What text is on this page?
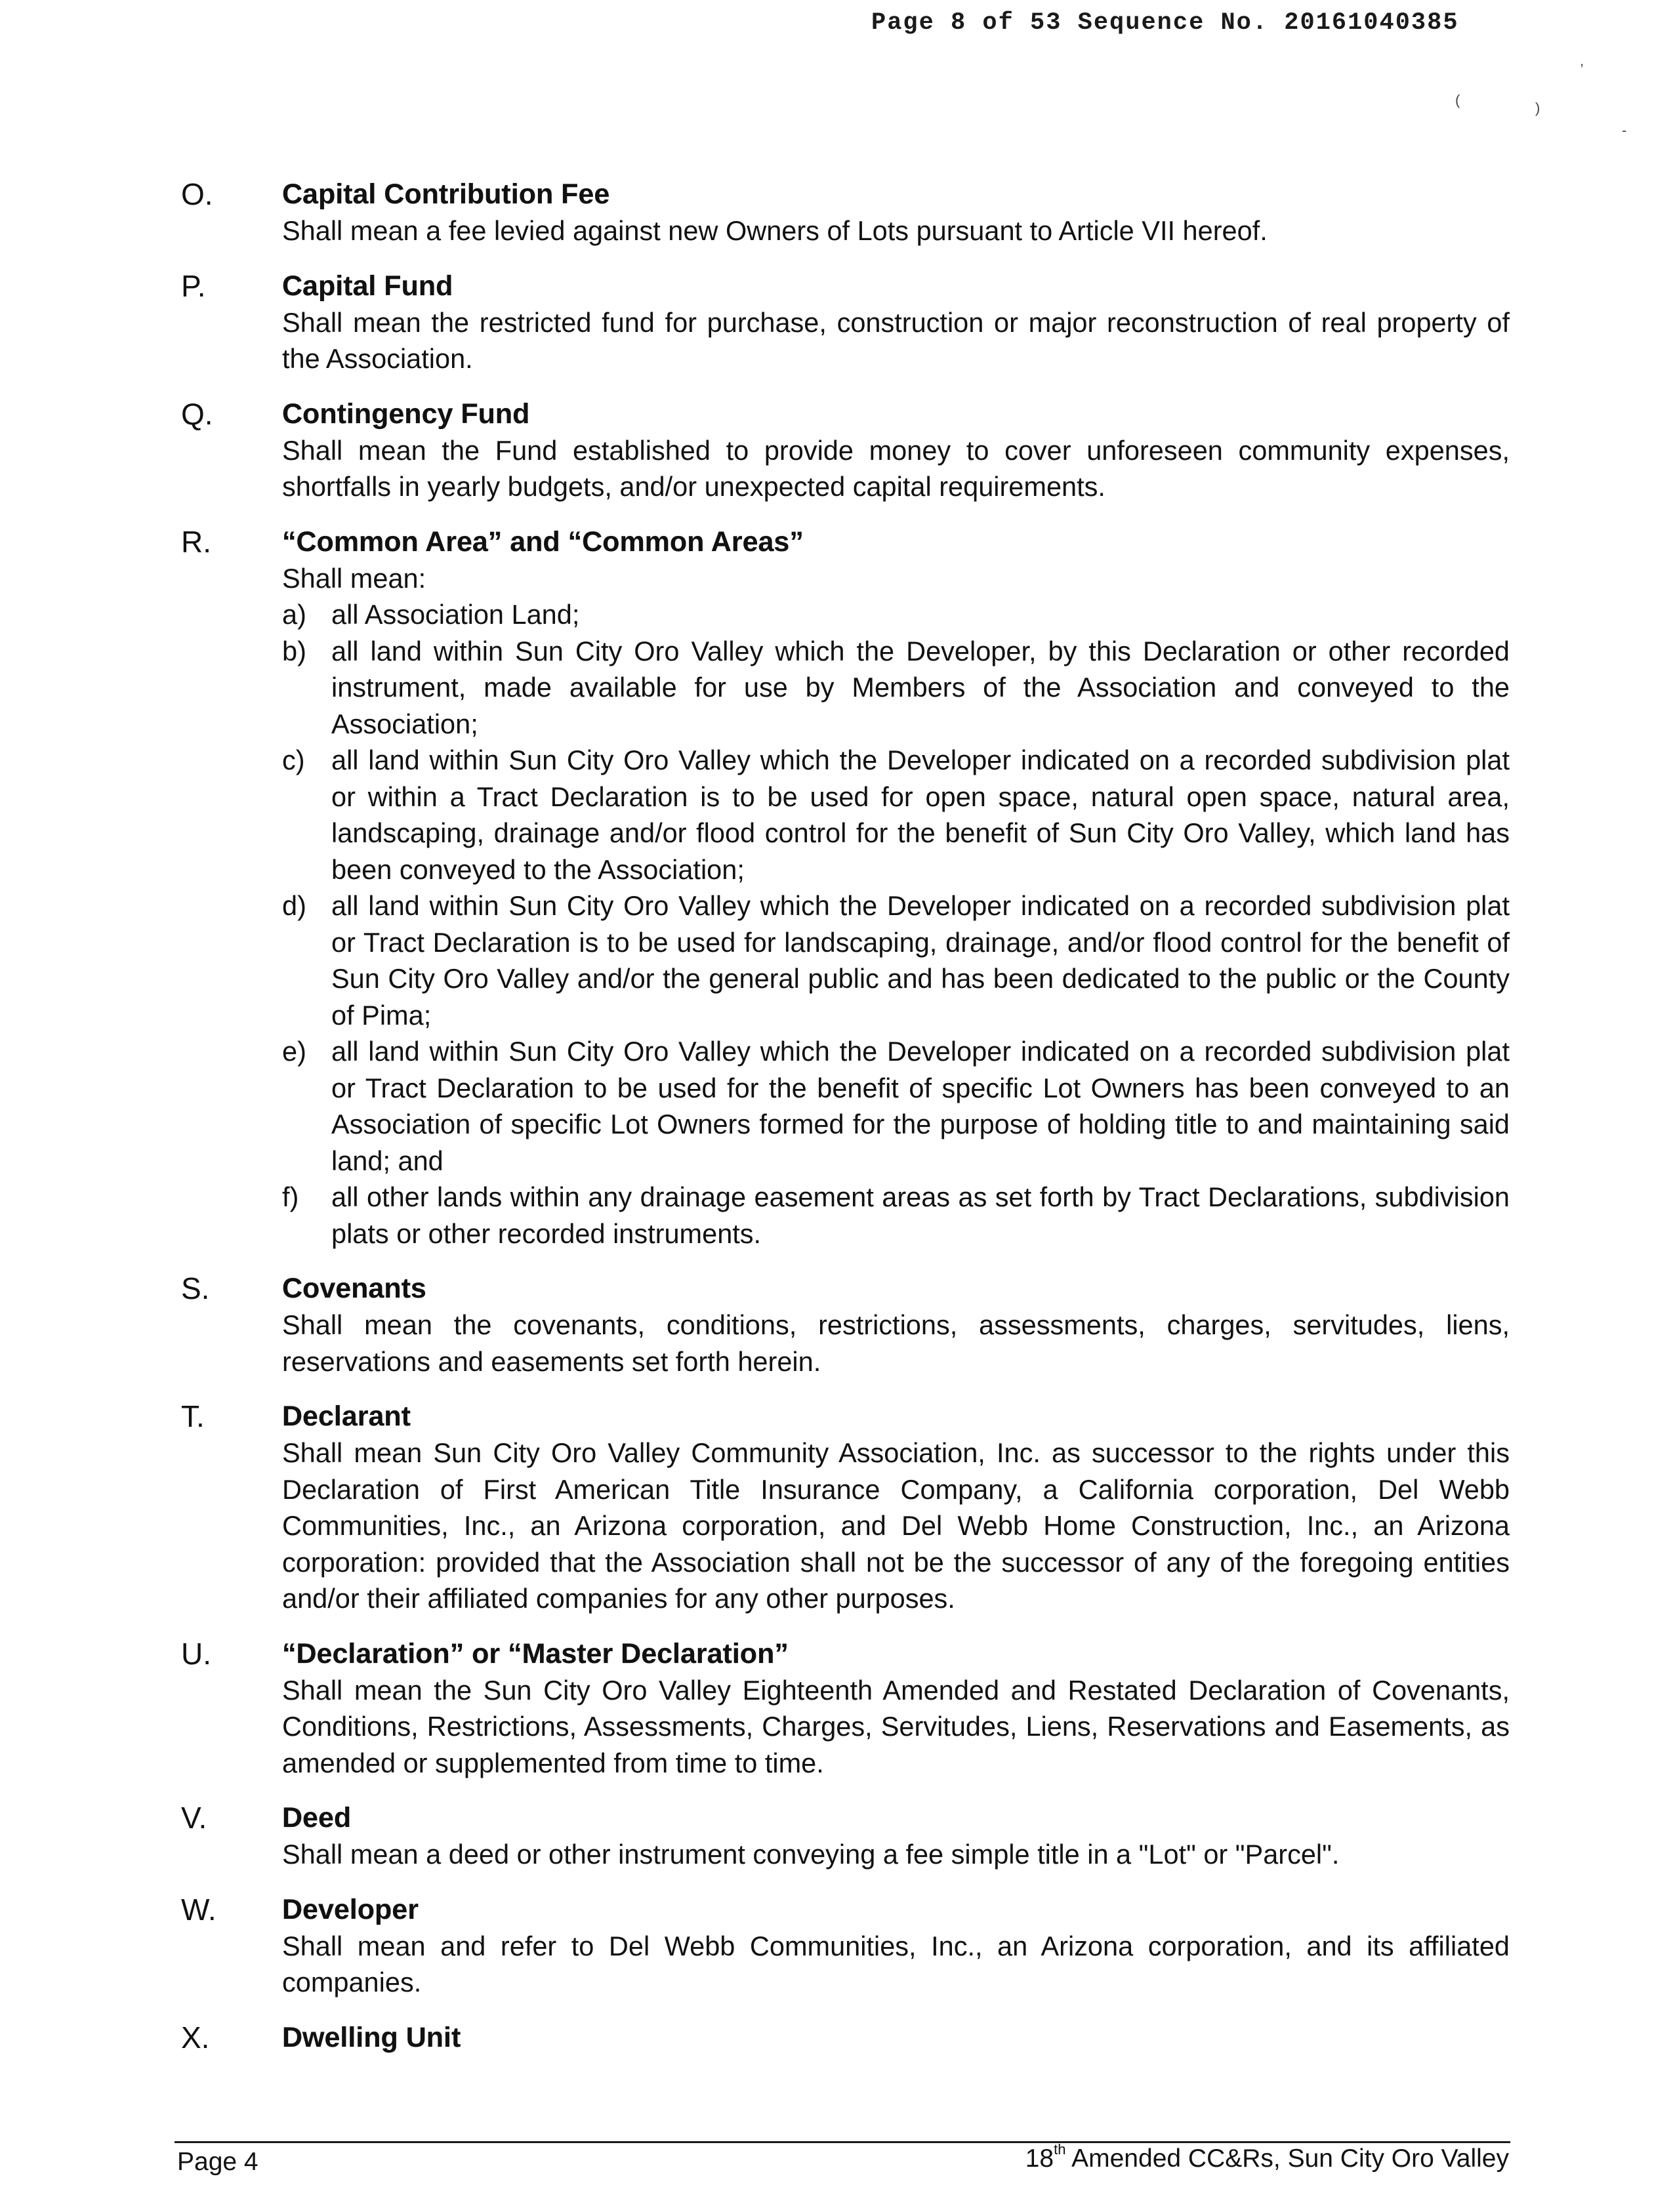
Page 8 of 53 Sequence No. 20161040385
,
(	)
-
O.	Capital Contribution Fee
Shall mean a fee levied against new Owners of Lots pursuant to Article VII hereof.
P.	Capital Fund
Shall mean the restricted fund for purchase, construction or major reconstruction of real property of the Association.
Q.	Contingency Fund
Shall mean the Fund established to provide money to cover unforeseen community expenses, shortfalls in yearly budgets, and/or unexpected capital requirements.
R.	“Common Area” and “Common Areas”
Shall mean:
a) all Association Land;
b) all land within Sun City Oro Valley which the Developer, by this Declaration or other recorded instrument, made available for use by Members of the Association and conveyed to the Association;
c) all land within Sun City Oro Valley which the Developer indicated on a recorded subdivision plat or within a Tract Declaration is to be used for open space, natural open space, natural area, landscaping, drainage and/or flood control for the benefit of Sun City Oro Valley, which land has been conveyed to the Association;
d) all land within Sun City Oro Valley which the Developer indicated on a recorded subdivision plat or Tract Declaration is to be used for landscaping, drainage, and/or flood control for the benefit of Sun City Oro Valley and/or the general public and has been dedicated to the public or the County of Pima;
e) all land within Sun City Oro Valley which the Developer indicated on a recorded subdivision plat or Tract Declaration to be used for the benefit of specific Lot Owners has been conveyed to an Association of specific Lot Owners formed for the purpose of holding title to and maintaining said land; and
f) all other lands within any drainage easement areas as set forth by Tract Declarations, subdivision plats or other recorded instruments.
S.	Covenants
Shall mean the covenants, conditions, restrictions, assessments, charges, servitudes, liens, reservations and easements set forth herein.
T.	Declarant
Shall mean Sun City Oro Valley Community Association, Inc. as successor to the rights under this Declaration of First American Title Insurance Company, a California corporation, Del Webb Communities, Inc., an Arizona corporation, and Del Webb Home Construction, Inc., an Arizona corporation: provided that the Association shall not be the successor of any of the foregoing entities and/or their affiliated companies for any other purposes.
U.	“Declaration” or “Master Declaration”
Shall mean the Sun City Oro Valley Eighteenth Amended and Restated Declaration of Covenants, Conditions, Restrictions, Assessments, Charges, Servitudes, Liens, Reservations and Easements, as amended or supplemented from time to time.
V.	Deed
Shall mean a deed or other instrument conveying a fee simple title in a "Lot" or "Parcel".
W.	Developer
Shall mean and refer to Del Webb Communities, Inc., an Arizona corporation, and its affiliated companies.
X.	Dwelling Unit
Page 4	18th Amended CC&Rs, Sun City Oro Valley
